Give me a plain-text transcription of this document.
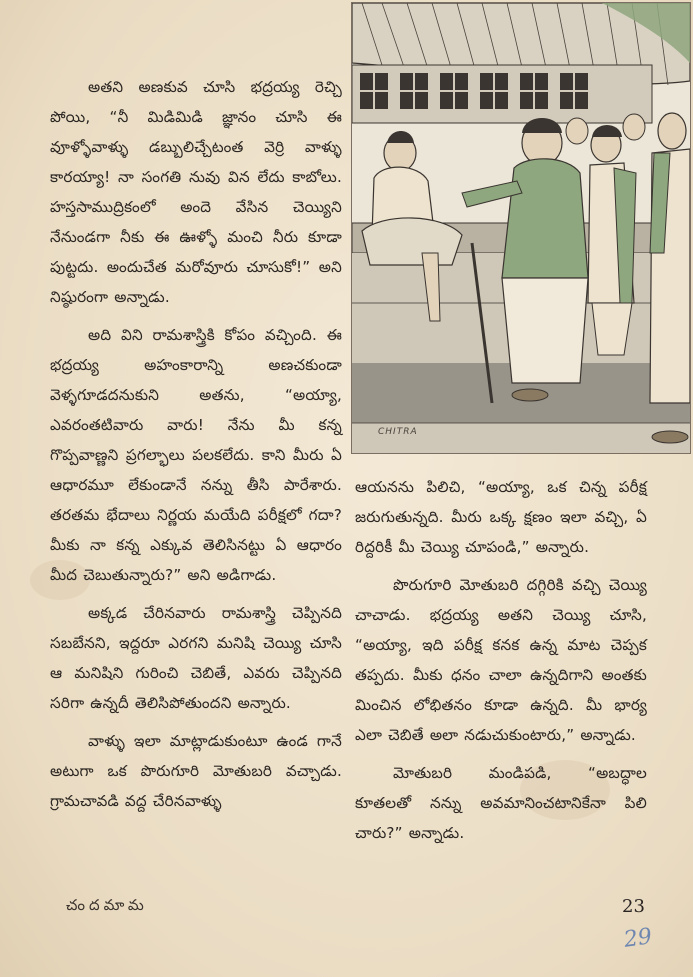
CHITRA

అతని అణకువ చూసి భద్రయ్య రెచ్చి పోయి, “నీ మిడిమిడి జ్ఞానం చూసి ఈ వూళ్ళోవాళ్ళు డబ్బులిచ్చేటంత వెర్రి వాళ్ళు కారయ్యా! నా సంగతి నువు విన లేదు కాబోలు. హస్తసాముద్రికంలో అందె వేసిన చెయ్యిని నేనుండగా నీకు ఈ ఊళ్ళో మంచి నీరు కూడా పుట్టదు. అందుచేత మరోవూరు చూసుకో!” అని నిష్ఠురంగా అన్నాడు.

అది విని రామశాస్త్రికి కోపం వచ్చింది. ఈ భద్రయ్య అహంకారాన్ని అణచకుండా వెళ్ళగూడదనుకుని అతను, “అయ్యా, ఎవరంతటివారు వారు! నేను మీ కన్న గొప్పవాణ్ణని ప్రగల్భాలు పలకలేదు. కాని మీరు ఏ ఆధారమూ లేకుండానే నన్ను తీసి పారేశారు. తరతమ భేదాలు నిర్ణయ మయేది పరీక్షలో గదా? మీకు నా కన్న ఎక్కువ తెలిసినట్టు ఏ ఆధారం మీద చెబుతున్నారు?” అని అడిగాడు.

అక్కడ చేరినవారు రామశాస్త్రి చెప్పినది సబబేనని, ఇద్దరూ ఎరగని మనిషి చెయ్యి చూసి ఆ మనిషిని గురించి చెబితే, ఎవరు చెప్పినది సరిగా ఉన్నదీ తెలిసిపోతుందని అన్నారు.

వాళ్ళు ఇలా మాట్లాడుకుంటూ ఉండ గానే అటుగా ఒక పొరుగూరి మోతుబరి వచ్చాడు. గ్రామచావడి వద్ద చేరినవాళ్ళు

ఆయనను పిలిచి, “అయ్యా, ఒక చిన్న పరీక్ష జరుగుతున్నది. మీరు ఒక్క క్షణం ఇలా వచ్చి, ఏ రిద్దరికీ మీ చెయ్యి చూపండి,” అన్నారు.

పొరుగూరి మోతుబరి దగ్గిరికి వచ్చి చెయ్యి చాచాడు. భద్రయ్య అతని చెయ్యి చూసి, “అయ్యా, ఇది పరీక్ష కనక ఉన్న మాట చెప్పక తప్పదు. మీకు ధనం చాలా ఉన్నదిగాని అంతకు మించిన లోభితనం కూడా ఉన్నది. మీ భార్య ఎలా చెబితే అలా నడుచుకుంటారు,” అన్నాడు.

మోతుబరి మండిపడి, “అబద్ధాల కూతలతో నన్ను అవమానించటానికేనా పిలి చారు?” అన్నాడు.

చందమామ	23
29
